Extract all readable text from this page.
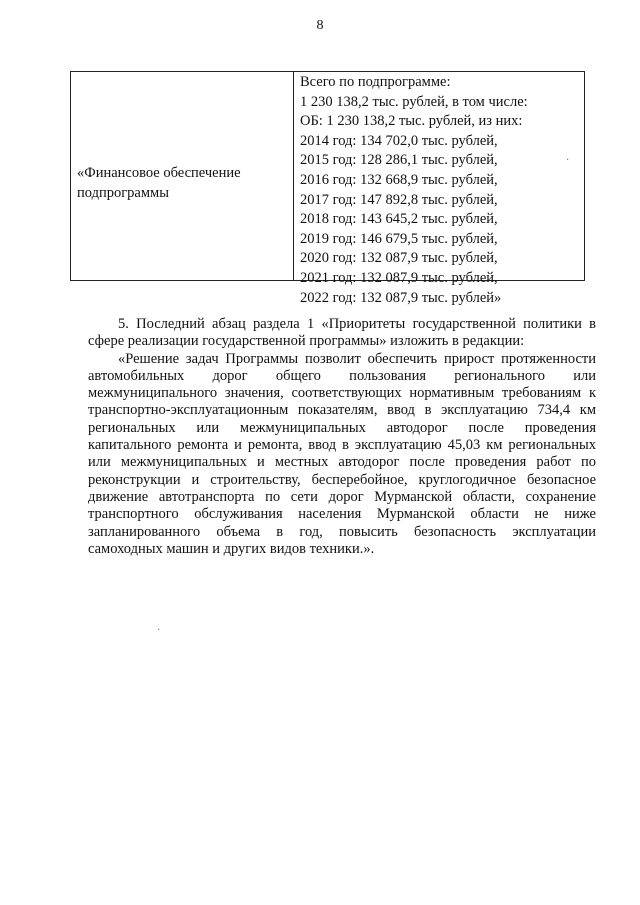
8
«Финансовое обеспечение
подпрограммы
Всего по подпрограмме:
1 230 138,2 тыс. рублей, в том числе:
ОБ: 1 230 138,2 тыс. рублей, из них:
2014 год: 134 702,0 тыс. рублей,
2015 год: 128 286,1 тыс. рублей,
2016 год: 132 668,9 тыс. рублей,
2017 год: 147 892,8 тыс. рублей,
2018 год: 143 645,2 тыс. рублей,
2019 год: 146 679,5 тыс. рублей,
2020 год: 132 087,9 тыс. рублей,
2021 год: 132 087,9 тыс. рублей,
2022 год: 132 087,9 тыс. рублей»

5. Последний абзац раздела 1 «Приоритеты государственной политики в сфере реализации государственной программы» изложить в редакции:

«Решение задач Программы позволит обеспечить прирост протяженности автомобильных дорог общего пользования регионального или межмуниципального значения, соответствующих нормативным требованиям к транспортно-эксплуатационным показателям, ввод в эксплуатацию 734,4 км региональных или межмуниципальных автодорог после проведения капитального ремонта и ремонта, ввод в эксплуатацию 45,03 км региональных или межмуниципальных и местных автодорог после проведения работ по реконструкции и строительству, бесперебойное, круглогодичное безопасное движение автотранспорта по сети дорог Мурманской области, сохранение транспортного обслуживания населения Мурманской области не ниже запланированного объема в год, повысить безопасность эксплуатации самоходных машин и других видов техники.».

·
·
